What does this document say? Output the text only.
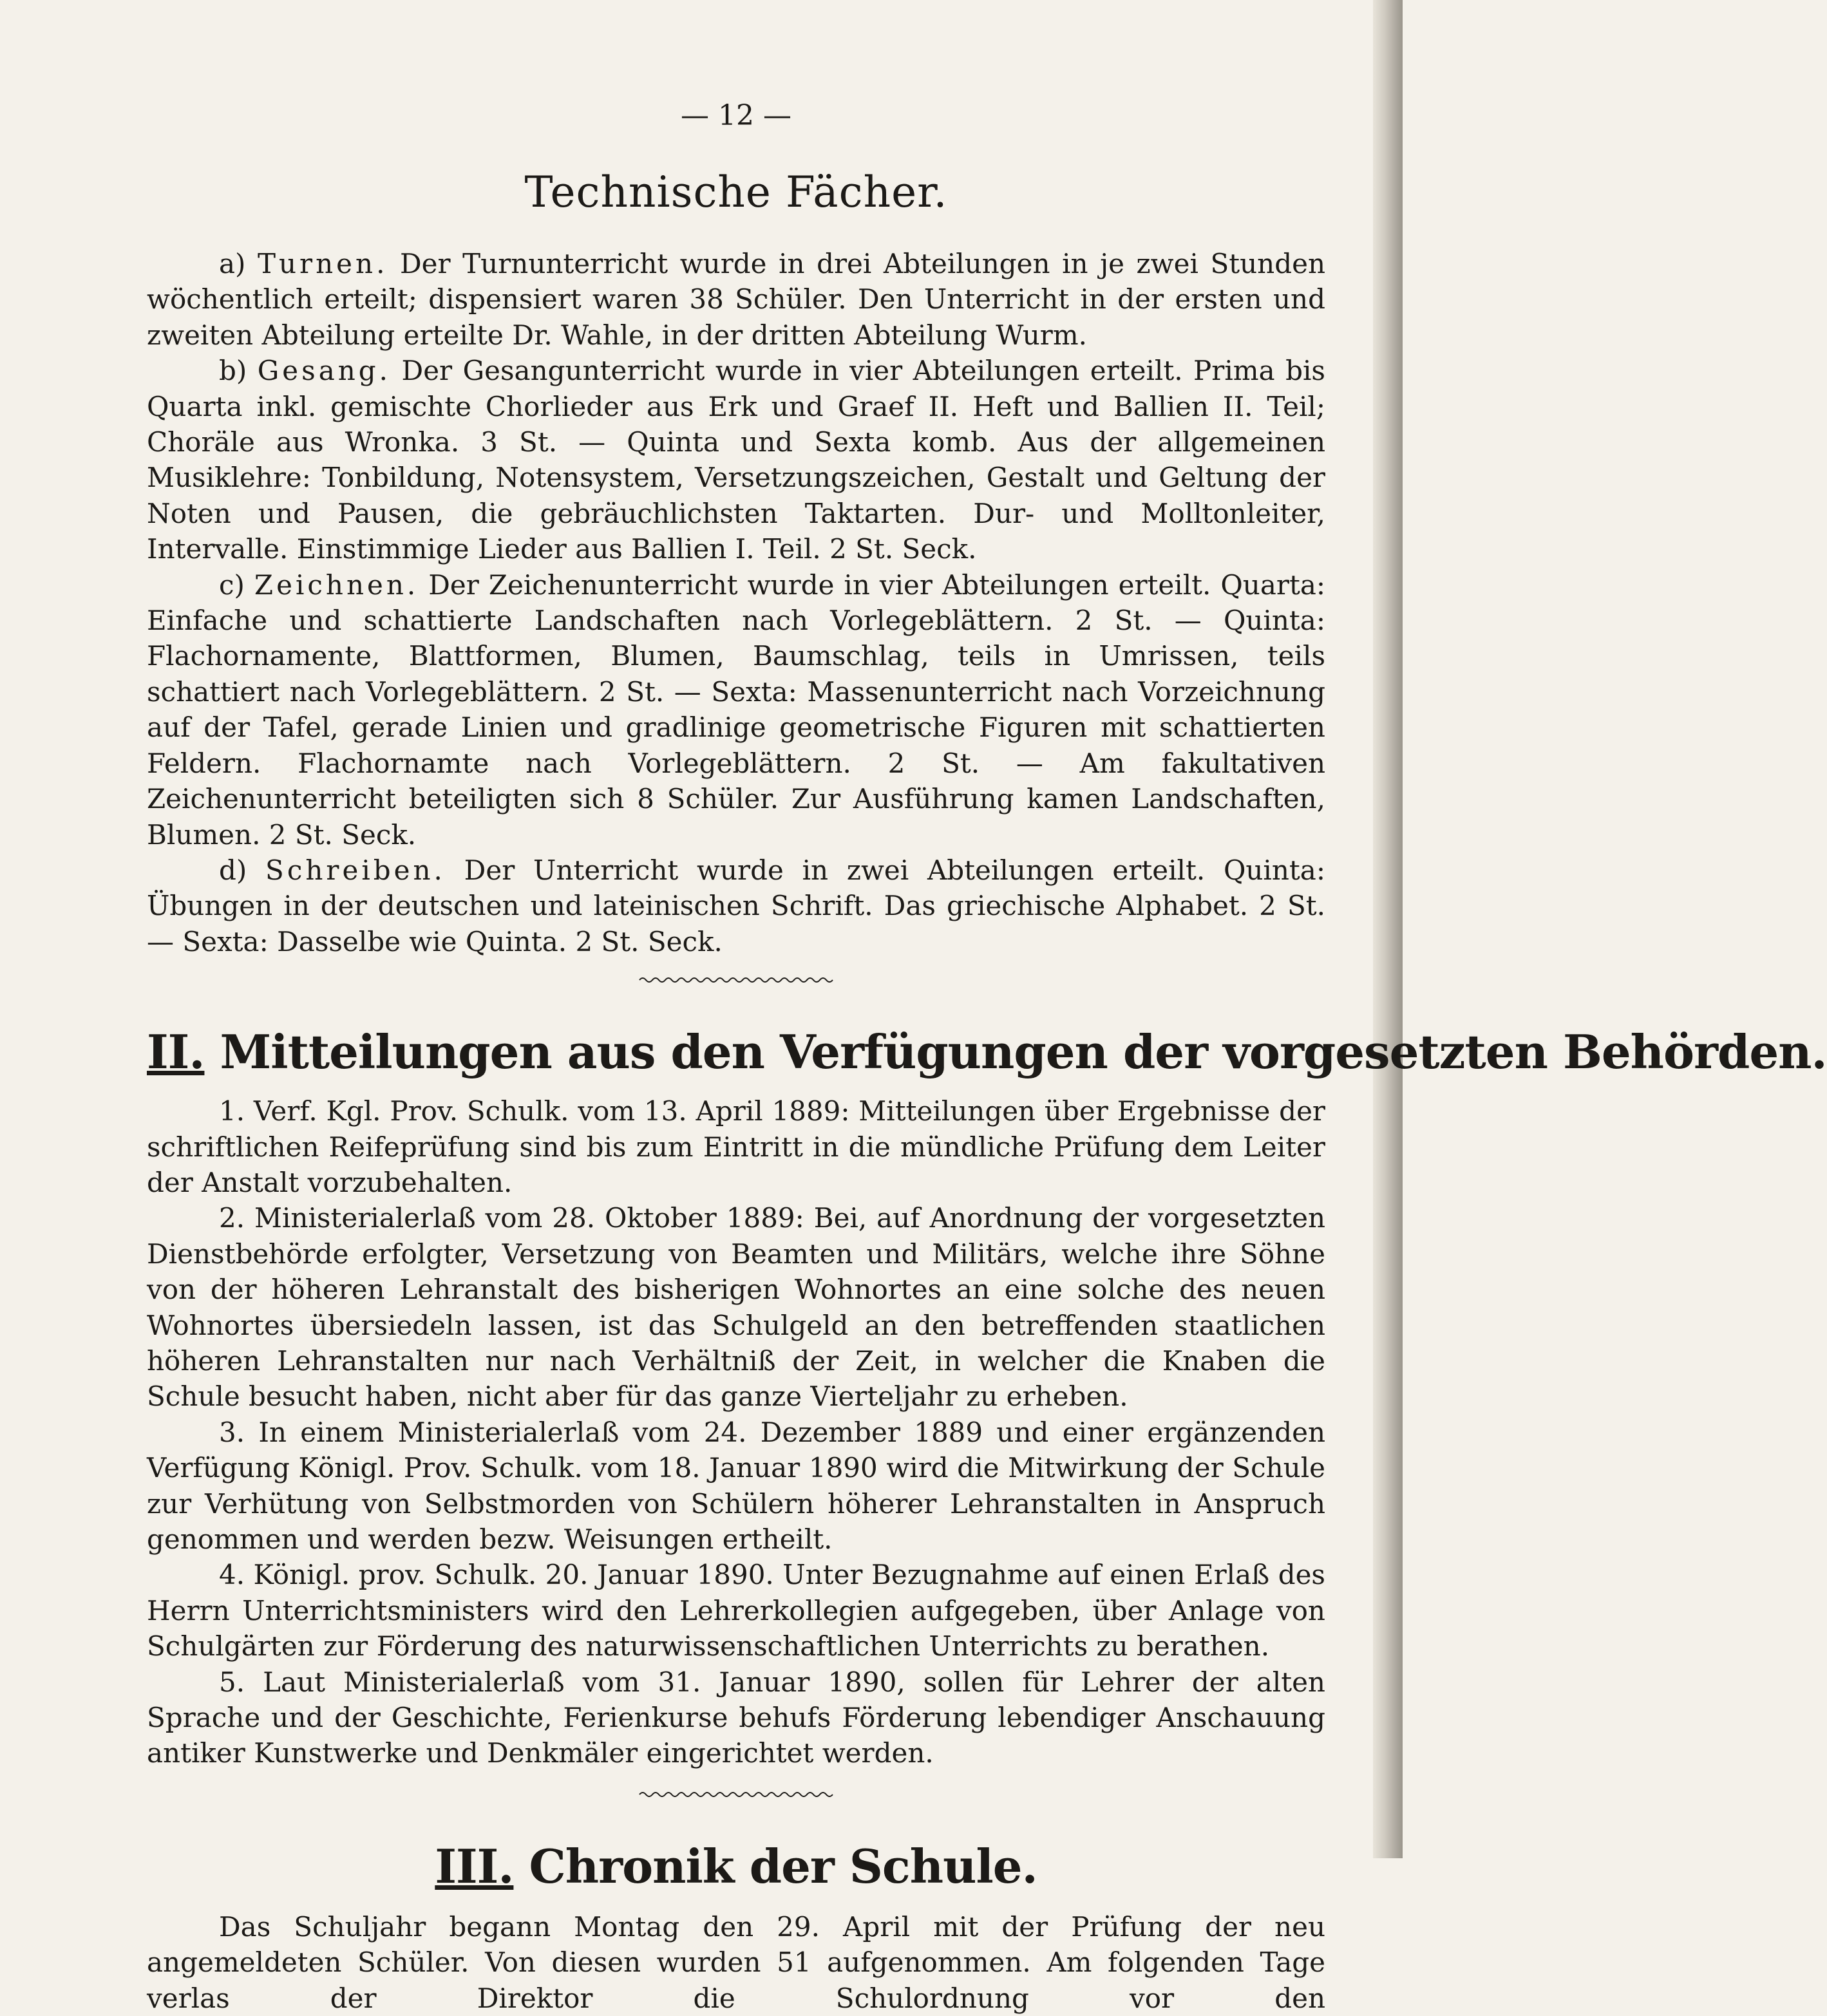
— 12 —
Technische Fächer.

a) Turnen. Der Turnunterricht wurde in drei Abteilungen in je zwei Stunden wöchentlich erteilt; dispensiert waren 38 Schüler. Den Unterricht in der ersten und zweiten Abteilung erteilte Dr. Wahle, in der dritten Abteilung Wurm.

b) Gesang. Der Gesangunterricht wurde in vier Abteilungen erteilt. Prima bis Quarta inkl. gemischte Chorlieder aus Erk und Graef II. Heft und Ballien II. Teil; Choräle aus Wronka. 3 St. — Quinta und Sexta komb. Aus der allgemeinen Musiklehre: Tonbildung, Notensystem, Versetzungszeichen, Gestalt und Geltung der Noten und Pausen, die gebräuchlichsten Taktarten. Dur- und Molltonleiter, Intervalle. Einstimmige Lieder aus Ballien I. Teil. 2 St. Seck.

c) Zeichnen. Der Zeichenunterricht wurde in vier Abteilungen erteilt. Quarta: Einfache und schattierte Landschaften nach Vorlegeblättern. 2 St. — Quinta: Flachornamente, Blattformen, Blumen, Baumschlag, teils in Umrissen, teils schattiert nach Vorlegeblättern. 2 St. — Sexta: Massenunterricht nach Vorzeichnung auf der Tafel, gerade Linien und gradlinige geometrische Figuren mit schattierten Feldern. Flachornamte nach Vorlegeblättern. 2 St. — Am fakultativen Zeichenunterricht beteiligten sich 8 Schüler. Zur Ausführung kamen Landschaften, Blumen. 2 St. Seck.

d) Schreiben. Der Unterricht wurde in zwei Abteilungen erteilt. Quinta: Übungen in der deutschen und lateinischen Schrift. Das griechische Alphabet. 2 St. — Sexta: Dasselbe wie Quinta. 2 St. Seck.

II. Mitteilungen aus den Verfügungen der vorgesetzten Behörden.

1. Verf. Kgl. Prov. Schulk. vom 13. April 1889: Mitteilungen über Ergebnisse der schriftlichen Reifeprüfung sind bis zum Eintritt in die mündliche Prüfung dem Leiter der Anstalt vorzubehalten.

2. Ministerialerlaß vom 28. Oktober 1889: Bei, auf Anordnung der vorgesetzten Dienstbehörde erfolgter, Versetzung von Beamten und Militärs, welche ihre Söhne von der höheren Lehranstalt des bisherigen Wohnortes an eine solche des neuen Wohnortes übersiedeln lassen, ist das Schulgeld an den betreffenden staatlichen höheren Lehranstalten nur nach Verhältniß der Zeit, in welcher die Knaben die Schule besucht haben, nicht aber für das ganze Vierteljahr zu erheben.

3. In einem Ministerialerlaß vom 24. Dezember 1889 und einer ergänzenden Verfügung Königl. Prov. Schulk. vom 18. Januar 1890 wird die Mitwirkung der Schule zur Verhütung von Selbstmorden von Schülern höherer Lehranstalten in Anspruch genommen und werden bezw. Weisungen ertheilt.

4. Königl. prov. Schulk. 20. Januar 1890. Unter Bezugnahme auf einen Erlaß des Herrn Unterrichtsministers wird den Lehrerkollegien aufgegeben, über Anlage von Schulgärten zur Förderung des naturwissenschaftlichen Unterrichts zu berathen.

5. Laut Ministerialerlaß vom 31. Januar 1890, sollen für Lehrer der alten Sprache und der Geschichte, Ferienkurse behufs Förderung lebendiger Anschauung antiker Kunstwerke und Denkmäler eingerichtet werden.

III. Chronik der Schule.

Das Schuljahr begann Montag den 29. April mit der Prüfung der neu angemeldeten Schüler. Von diesen wurden 51 aufgenommen. Am folgenden Tage verlas der Direktor die Schulordnung vor den
